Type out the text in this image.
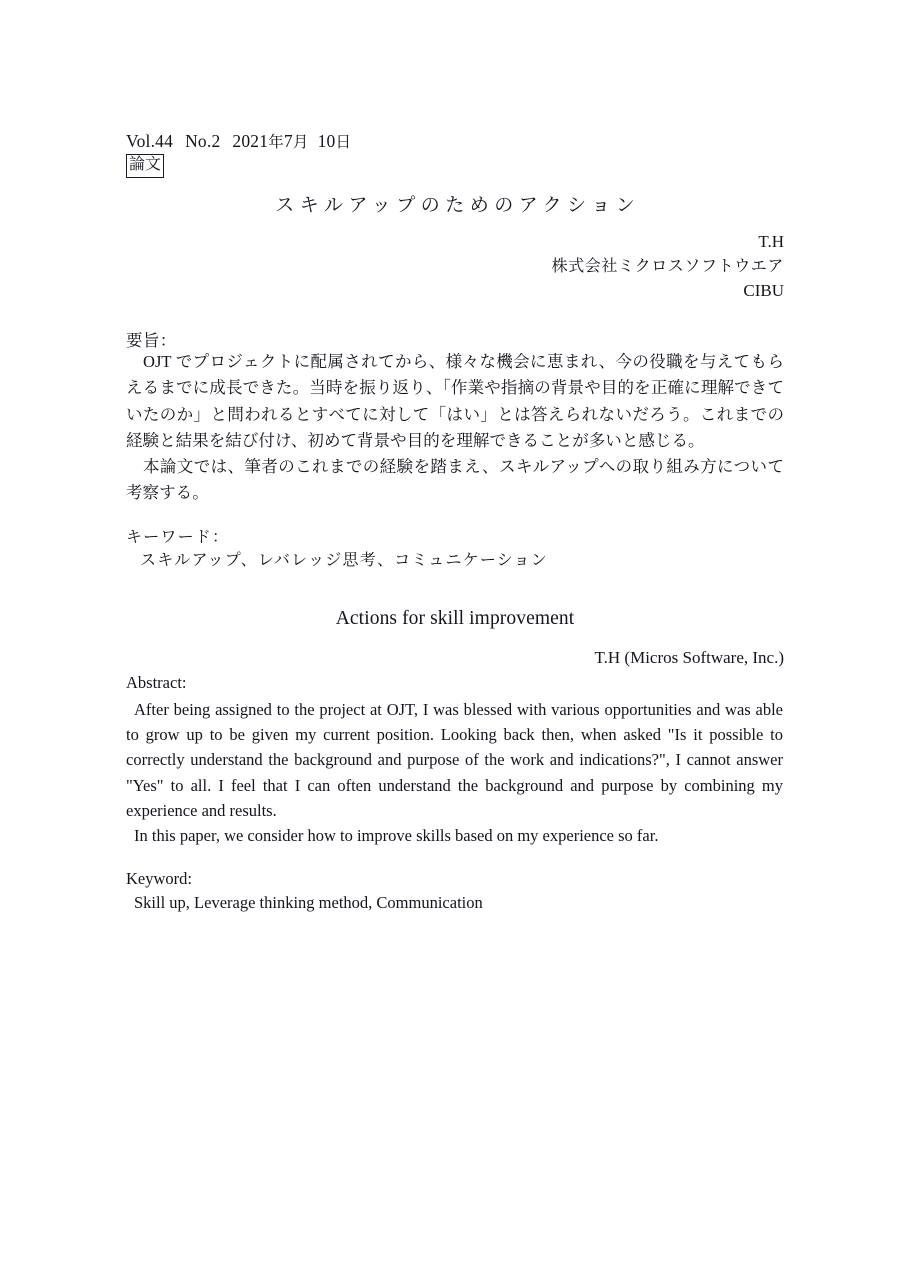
Vol.44 No.2 2021年7月 10日
論文
スキルアップのためのアクション
T.H
株式会社ミクロスソフトウエア
CIBU
要旨：

OJT でプロジェクトに配属されてから、様々な機会に恵まれ、今の役職を与えてもらえるまでに成長できた。当時を振り返り、「作業や指摘の背景や目的を正確に理解できていたのか」と問われるとすべてに対して「はい」とは答えられないだろう。これまでの経験と結果を結び付け、初めて背景や目的を理解できることが多いと感じる。

本論文では、筆者のこれまでの経験を踏まえ、スキルアップへの取り組み方について考察する。

キーワード：
スキルアップ、レバレッジ思考、コミュニケーション
Actions for skill improvement
T.H (Micros Software, Inc.)
Abstract:

After being assigned to the project at OJT, I was blessed with various opportunities and was able to grow up to be given my current position. Looking back then, when asked "Is it possible to correctly understand the background and purpose of the work and indications?", I cannot answer "Yes" to all. I feel that I can often understand the background and purpose by combining my experience and results.

In this paper, we consider how to improve skills based on my experience so far.

Keyword:
Skill up, Leverage thinking method, Communication
